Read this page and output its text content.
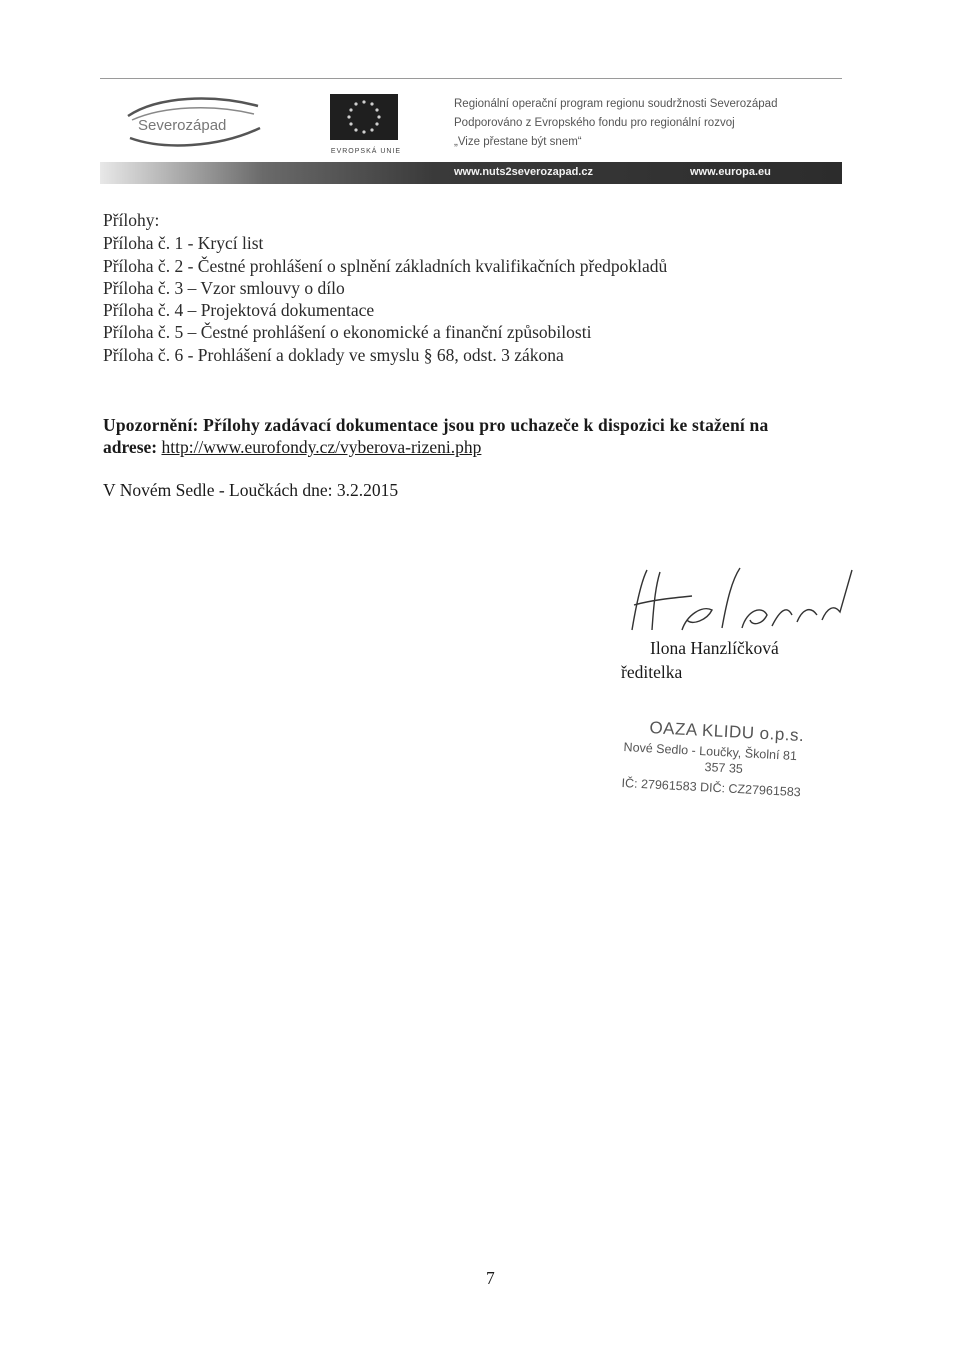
Severozápad
EVROPSKÁ UNIE
Regionální operační program regionu soudržnosti Severozápad
Podporováno z Evropského fondu pro regionální rozvoj
„Vize přestane být snem“
www.nuts2severozapad.cz	www.europa.eu
Přílohy:
Příloha č. 1 - Krycí list
Příloha č. 2 - Čestné prohlášení o splnění základních kvalifikačních předpokladů
Příloha č. 3 – Vzor smlouvy o dílo
Příloha č. 4 – Projektová dokumentace
Příloha č. 5 – Čestné prohlášení o ekonomické a finanční způsobilosti
Příloha č. 6 - Prohlášení a doklady ve smyslu § 68, odst. 3 zákona
Upozornění: Přílohy zadávací dokumentace jsou pro uchazeče k dispozici ke stažení na
adrese: http://www.eurofondy.cz/vyberova-rizeni.php
V Novém Sedle - Loučkách dne: 3.2.2015
Ilona Hanzlíčková
ředitelka
OAZA KLIDU o.p.s.
Nové Sedlo - Loučky, Školní 81
357 35
IČ: 27961583 DIČ: CZ27961583
7
